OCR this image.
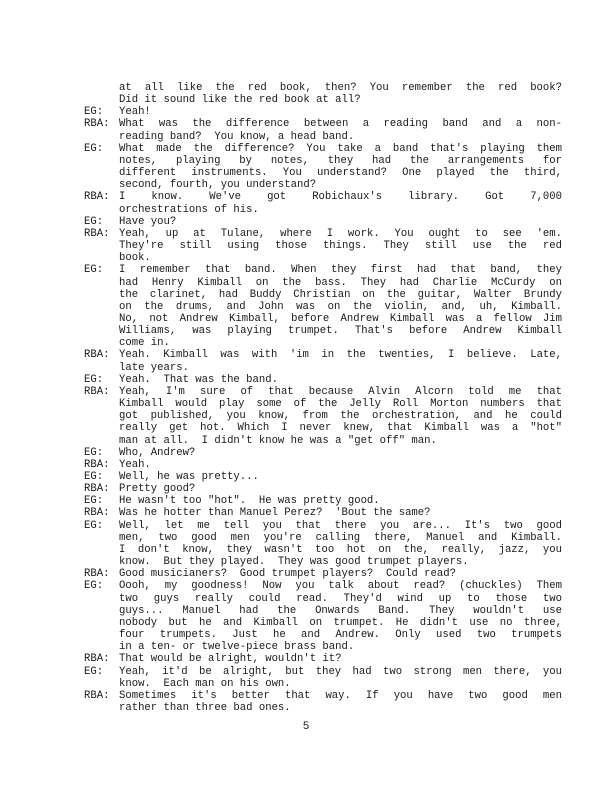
at all like the red book, then? You remember the red book?
Did it sound like the red book at all?
EG:	Yeah!
RBA: What was the difference between a reading band and a non-
reading band?  You know, a head band.
EG:	What made the difference? You take a band that's playing them
notes, playing by notes, they had the arrangements for
different instruments. You understand? One played the third,
second, fourth, you understand?
RBA: I know. We've got Robichaux's library. Got 7,000
orchestrations of his.
EG:	Have you?
RBA: Yeah, up at Tulane, where I work. You ought to see 'em.
They're still using those things. They still use the red
book.
EG:	I remember that band. When they first had that band, they
had Henry Kimball on the bass. They had Charlie McCurdy on
the clarinet, had Buddy Christian on the guitar, Walter Brundy
on the drums, and John was on the violin, and, uh, Kimball.
No, not Andrew Kimball, before Andrew Kimball was a fellow Jim
Williams, was playing trumpet. That's before Andrew Kimball
come in.
RBA: Yeah. Kimball was with 'im in the twenties, I believe. Late,
late years.
EG:	Yeah.  That was the band.
RBA: Yeah, I'm sure of that because Alvin Alcorn told me that
Kimball would play some of the Jelly Roll Morton numbers that
got published, you know, from the orchestration, and he could
really get hot. Which I never knew, that Kimball was a "hot"
man at all.  I didn't know he was a "get off" man.
EG:	Who, Andrew?
RBA: Yeah.
EG:	Well, he was pretty...
RBA: Pretty good?
EG:	He wasn't too "hot".  He was pretty good.
RBA: Was he hotter than Manuel Perez?  'Bout the same?
EG:	Well, let me tell you that there you are... It's two good
men, two good men you're calling there, Manuel and Kimball.
I don't know, they wasn't too hot on the, really, jazz, you
know.  But they played.  They was good trumpet players.
RBA: Good musicianers?  Good trumpet players?  Could read?
EG:	Oooh, my goodness! Now you talk about read? (chuckles) Them
two guys really could read. They'd wind up to those two
guys... Manuel had the Onwards Band. They wouldn't use
nobody but he and Kimball on trumpet. He didn't use no three,
four trumpets. Just he and Andrew. Only used two trumpets
in a ten- or twelve-piece brass band.
RBA: That would be alright, wouldn't it?
EG:	Yeah, it'd be alright, but they had two strong men there, you
know.  Each man on his own.
RBA: Sometimes it's better that way. If you have two good men
rather than three bad ones.
5
